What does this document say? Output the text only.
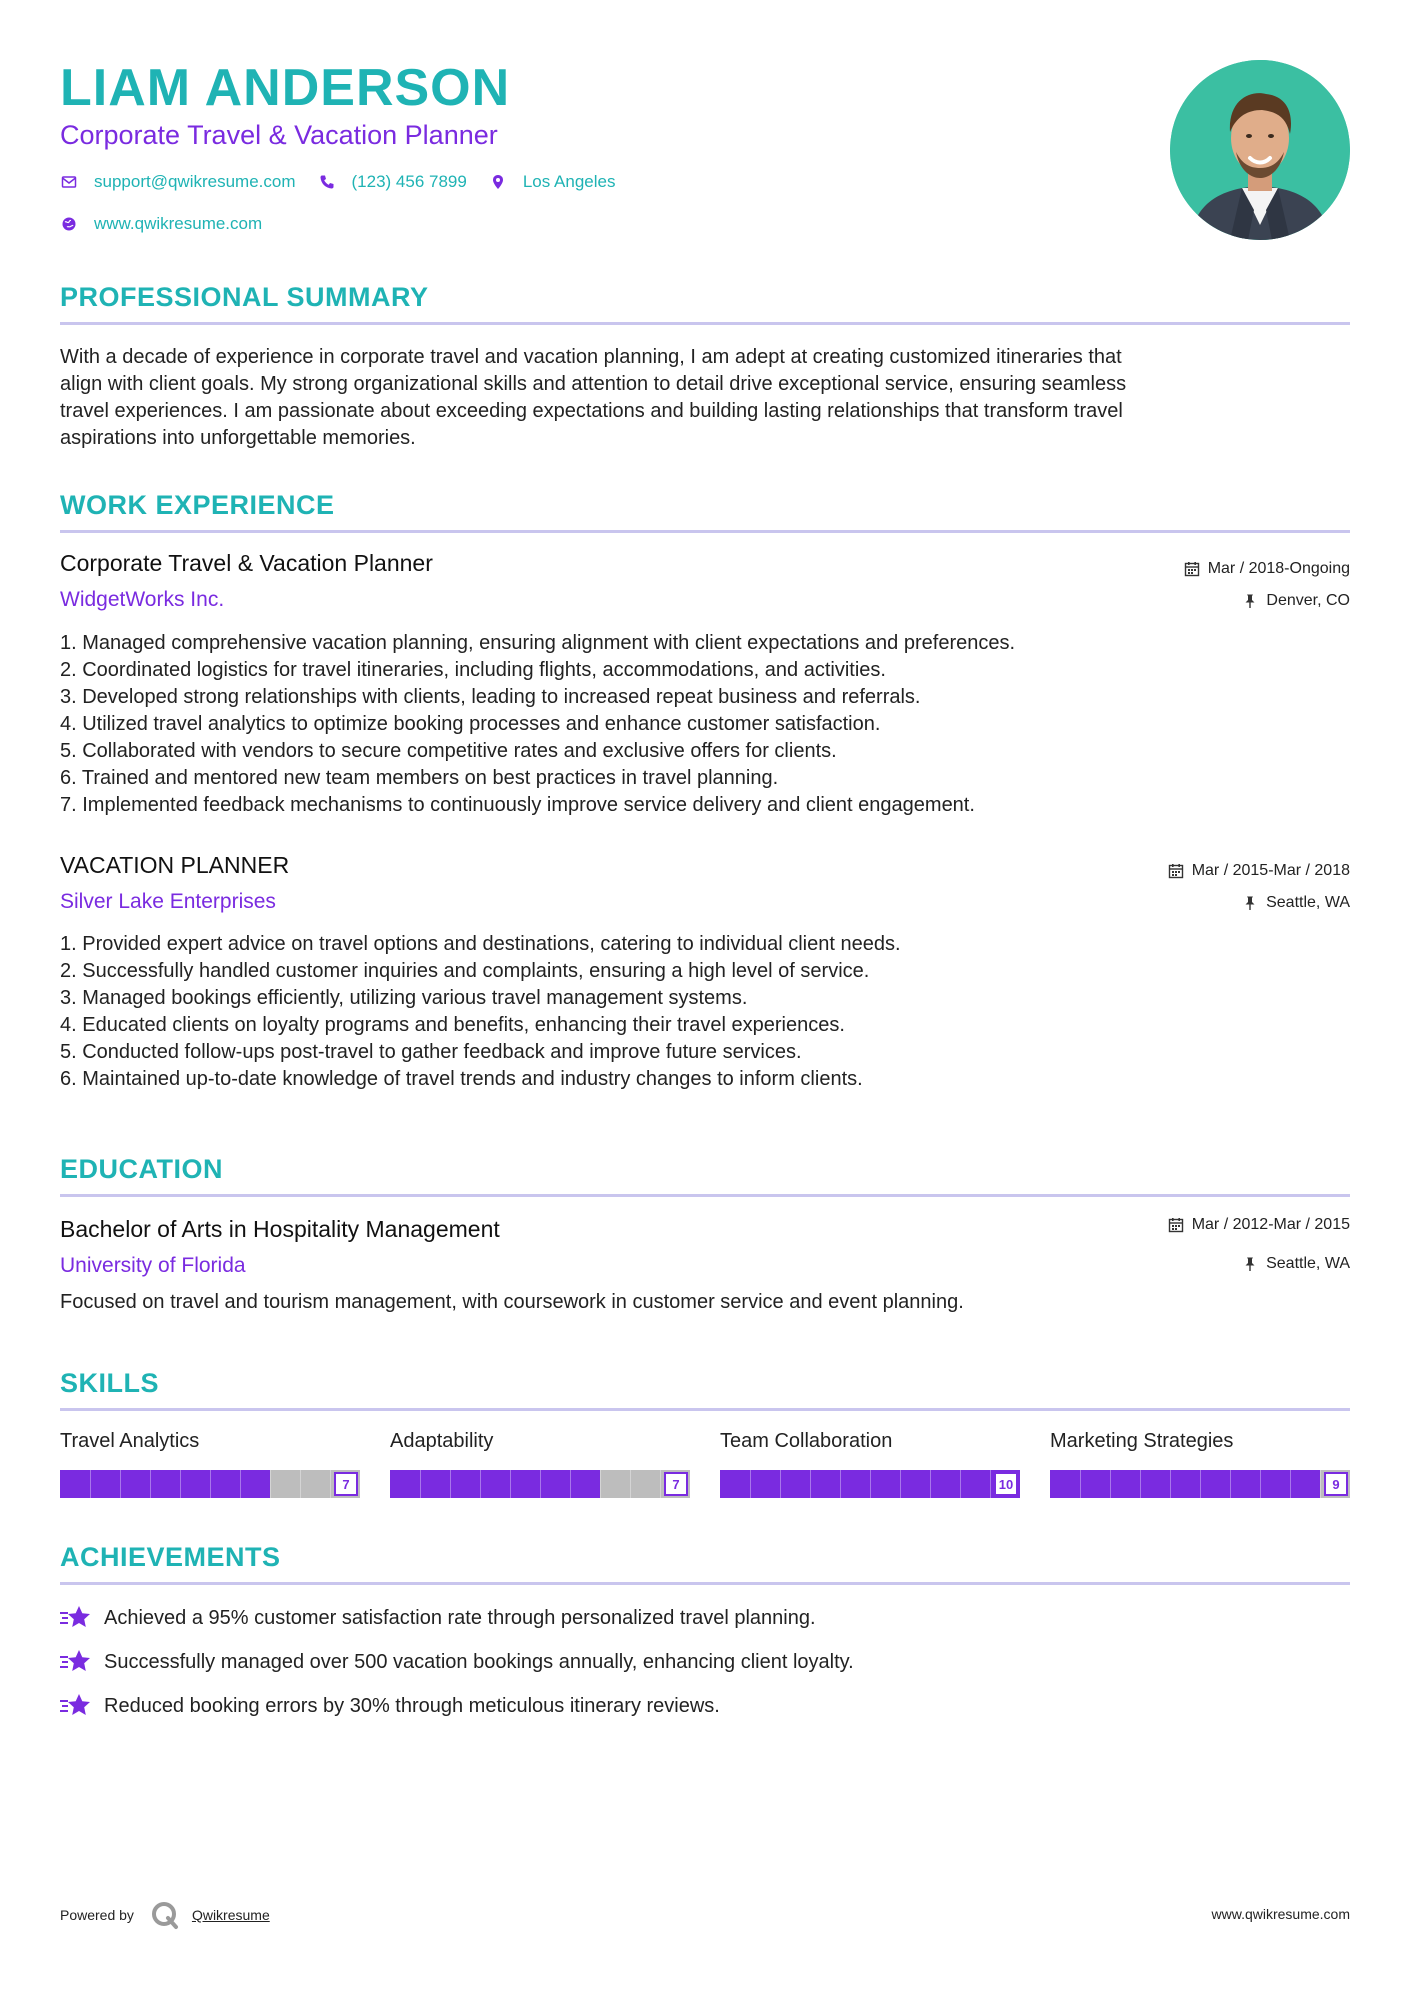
LIAM ANDERSON
Corporate Travel & Vacation Planner
support@qwikresume.com	(123) 456 7899	Los Angeles
www.qwikresume.com
PROFESSIONAL SUMMARY
With a decade of experience in corporate travel and vacation planning, I am adept at creating customized itineraries that
align with client goals. My strong organizational skills and attention to detail drive exceptional service, ensuring seamless
travel experiences. I am passionate about exceeding expectations and building lasting relationships that transform travel
aspirations into unforgettable memories.
WORK EXPERIENCE
Corporate Travel & Vacation Planner	Mar / 2018-Ongoing
WidgetWorks Inc.	Denver, CO
1. Managed comprehensive vacation planning, ensuring alignment with client expectations and preferences.
2. Coordinated logistics for travel itineraries, including flights, accommodations, and activities.
3. Developed strong relationships with clients, leading to increased repeat business and referrals.
4. Utilized travel analytics to optimize booking processes and enhance customer satisfaction.
5. Collaborated with vendors to secure competitive rates and exclusive offers for clients.
6. Trained and mentored new team members on best practices in travel planning.
7. Implemented feedback mechanisms to continuously improve service delivery and client engagement.
VACATION PLANNER	Mar / 2015-Mar / 2018
Silver Lake Enterprises	Seattle, WA
1. Provided expert advice on travel options and destinations, catering to individual client needs.
2. Successfully handled customer inquiries and complaints, ensuring a high level of service.
3. Managed bookings efficiently, utilizing various travel management systems.
4. Educated clients on loyalty programs and benefits, enhancing their travel experiences.
5. Conducted follow-ups post-travel to gather feedback and improve future services.
6. Maintained up-to-date knowledge of travel trends and industry changes to inform clients.
EDUCATION
Bachelor of Arts in Hospitality Management	Mar / 2012-Mar / 2015
University of Florida	Seattle, WA
Focused on travel and tourism management, with coursework in customer service and event planning.
SKILLS
Travel Analytics
7
Adaptability
7
Team Collaboration
10
Marketing Strategies
9
ACHIEVEMENTS
Achieved a 95% customer satisfaction rate through personalized travel planning.
Successfully managed over 500 vacation bookings annually, enhancing client loyalty.
Reduced booking errors by 30% through meticulous itinerary reviews.
Powered by	Qwikresume	www.qwikresume.com
